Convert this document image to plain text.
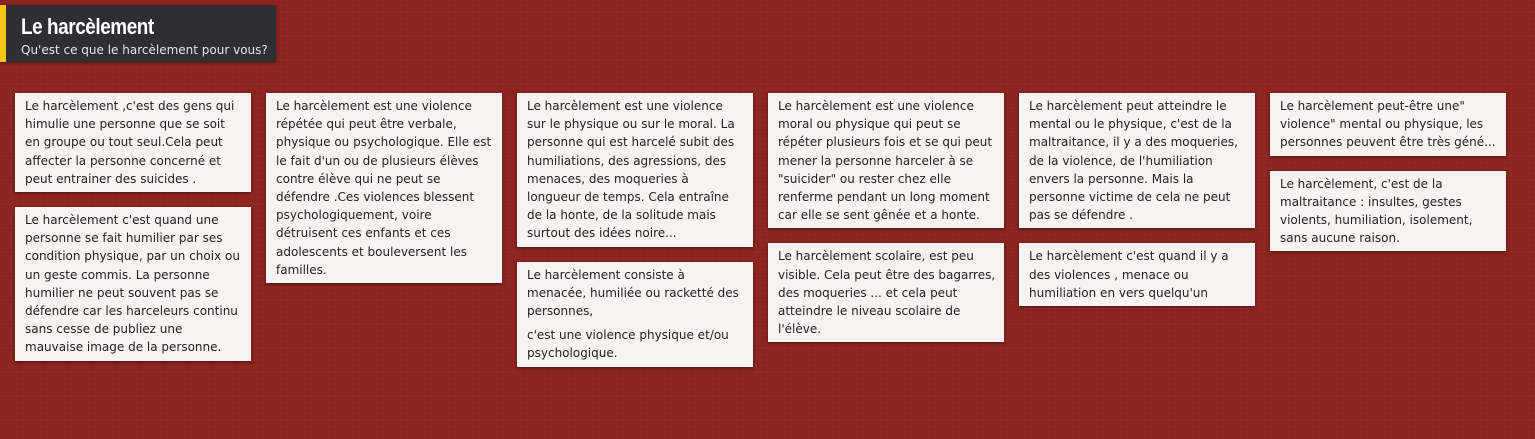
Le harcèlement
Qu'est ce que le harcèlement pour vous?

Le harcèlement ,c'est des gens qui himulie une personne que se soit en groupe ou tout seul.Cela peut affecter la personne concerné et peut entrainer des suicides .

Le harcèlement c'est quand une personne se fait humilier par ses condition physique, par un choix ou un geste commis. La personne humilier ne peut souvent pas se défendre car les harceleurs continu sans cesse de publiez une mauvaise image de la personne.

Le harcèlement est une violence répétée qui peut être verbale, physique ou psychologique. Elle est le fait d'un ou de plusieurs élèves contre élève qui ne peut se défendre .Ces violences blessent psychologiquement, voire détruisent ces enfants et ces adolescents et bouleversent les familles.

Le harcèlement est une violence sur le physique ou sur le moral. La personne qui est harcelé subit des humiliations, des agressions, des menaces, des moqueries à longueur de temps. Cela entraîne de la honte, de la solitude mais surtout des idées noire...

Le harcèlement consiste à menacée, humiliée ou racketté des personnes,

c'est une violence physique et/ou psychologique.

Le harcèlement est une violence moral ou physique qui peut se répéter plusieurs fois et se qui peut mener la personne harceler à se "suicider" ou rester chez elle renferme pendant un long moment car elle se sent gênée et a honte.

Le harcèlement scolaire, est peu visible. Cela peut être des bagarres, des moqueries ... et cela peut atteindre le niveau scolaire de l'élève.

Le harcèlement peut atteindre le mental ou le physique, c'est de la maltraitance, il y a des moqueries, de la violence, de l'humiliation envers la personne. Mais la personne victime de cela ne peut pas se défendre .

Le harcèlement c'est quand il y a des violences , menace ou humiliation en vers quelqu'un

Le harcèlement peut-être une" violence" mental ou physique, les personnes peuvent être très géné...

Le harcèlement, c'est de la maltraitance : insultes, gestes violents, humiliation, isolement, sans aucune raison.
